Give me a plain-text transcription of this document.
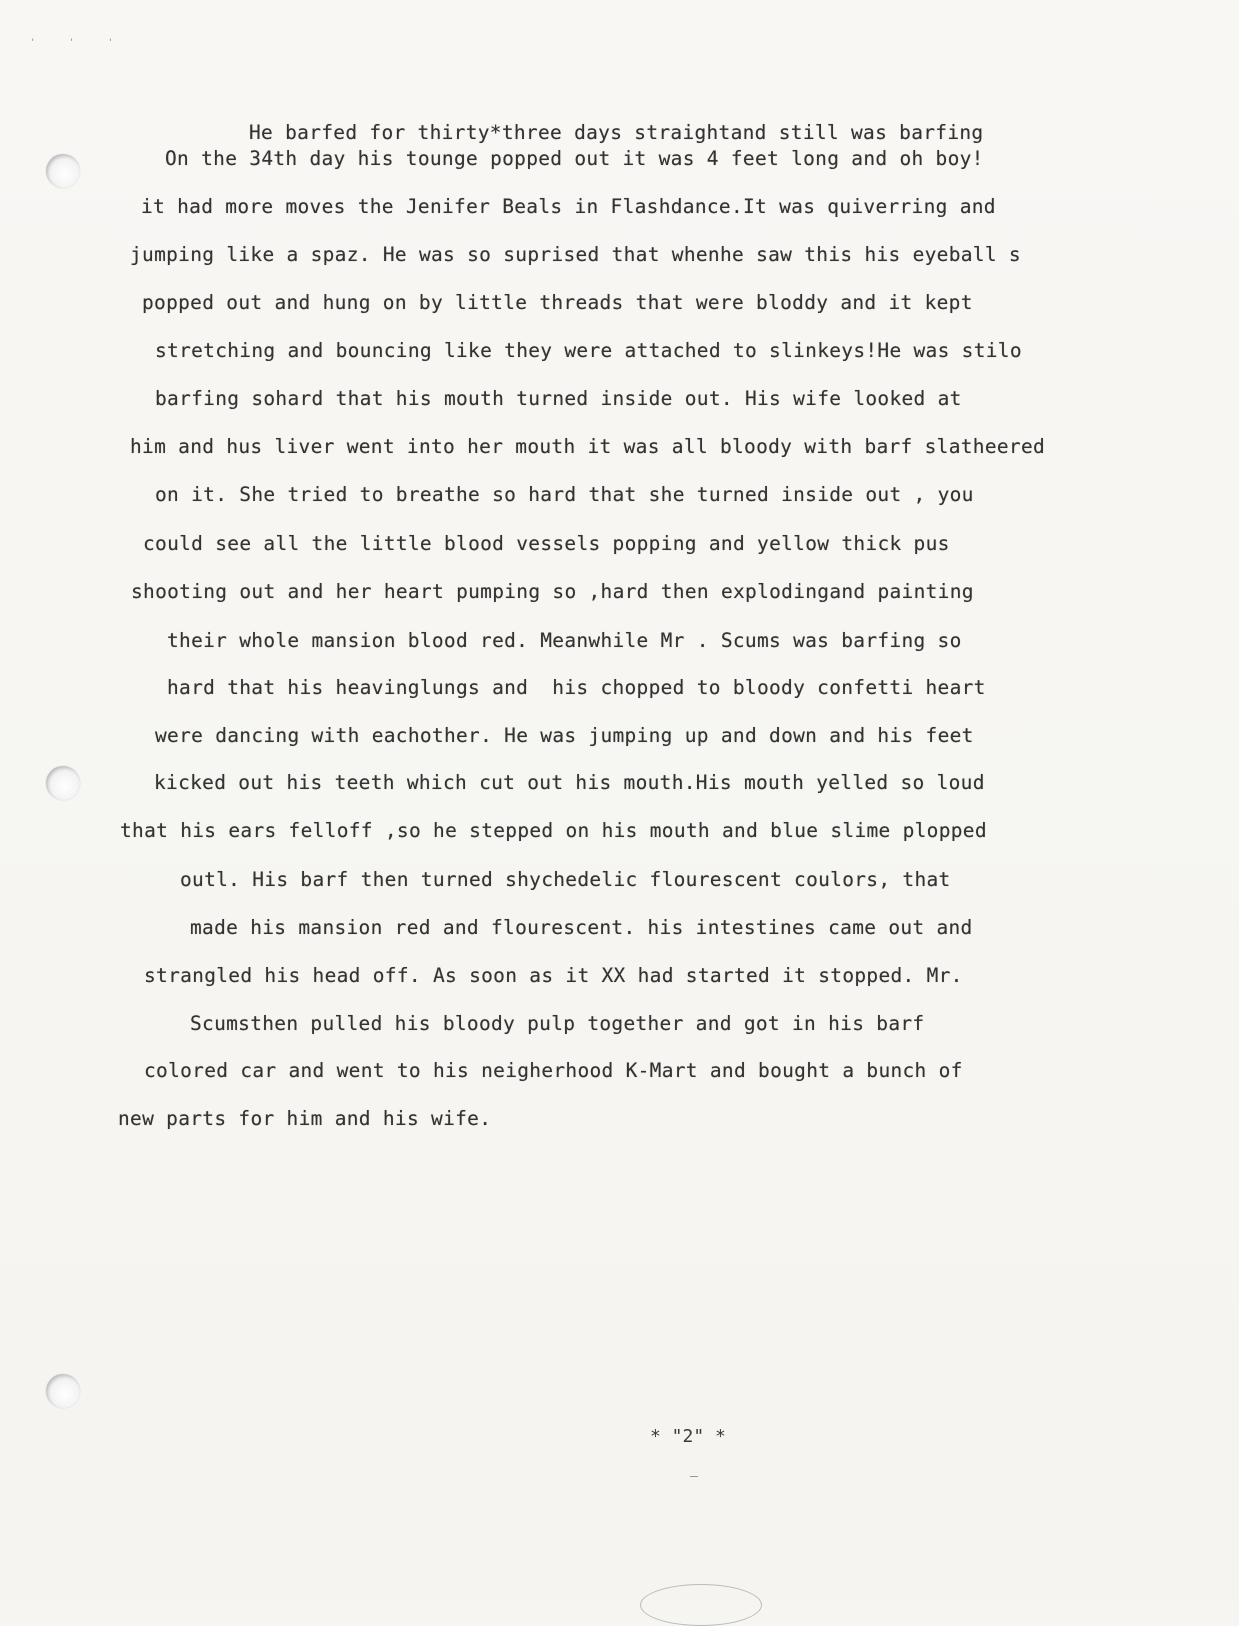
' ' '
He barfed for thirty*three days straightand still was barfing
On the 34th day his tounge popped out it was 4 feet long and oh boy!
it had more moves the Jenifer Beals in Flashdance.It was quiverring and
jumping like a spaz. He was so suprised that whenhe saw this his eyeball s
popped out and hung on by little threads that were bloddy and it kept
stretching and bouncing like they were attached to slinkeys!He was stilo
barfing sohard that his mouth turned inside out. His wife looked at
him and hus liver went into her mouth it was all bloody with barf slatheered
on it. She tried to breathe so hard that she turned inside out , you
could see all the little blood vessels popping and yellow thick pus
shooting out and her heart pumping so ,hard then explodingand painting
their whole mansion blood red. Meanwhile Mr . Scums was barfing so
hard that his heavinglungs and  his chopped to bloody confetti heart
were dancing with eachother. He was jumping up and down and his feet
kicked out his teeth which cut out his mouth.His mouth yelled so loud
that his ears felloff ,so he stepped on his mouth and blue slime plopped
outl. His barf then turned shychedelic flourescent coulors, that
made his mansion red and flourescent. his intestines came out and
strangled his head off. As soon as it XX had started it stopped. Mr.
Scumsthen pulled his bloody pulp together and got in his barf
colored car and went to his neigherhood K-Mart and bought a bunch of
new parts for him and his wife.
* "2" *
